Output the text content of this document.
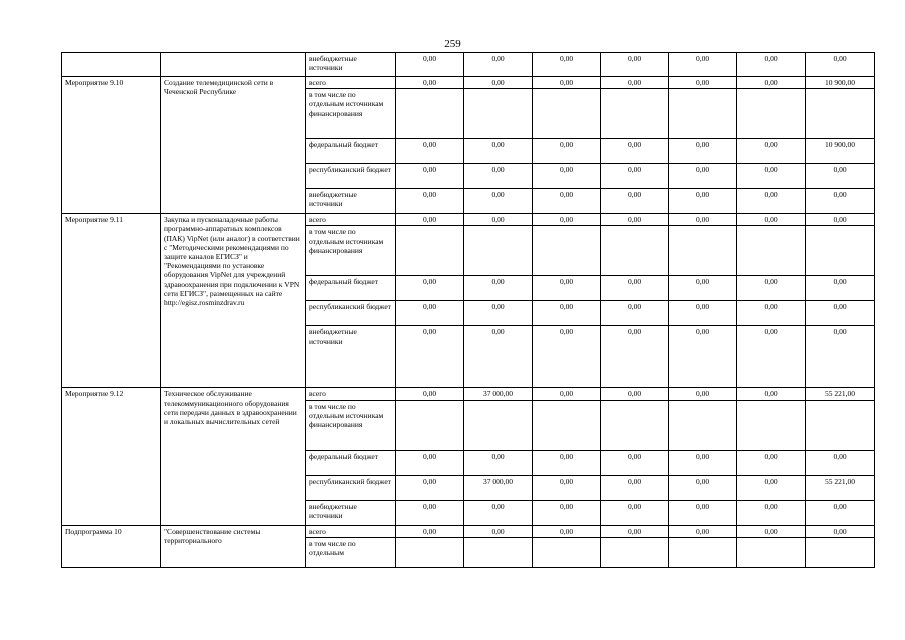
259
		внебюджетные источники	0,00	0,00	0,00	0,00	0,00	0,00	0,00
Мероприятие 9.10	Создание телемедицинской сети в Чеченской Республике	всего	0,00	0,00	0,00	0,00	0,00	0,00	10 900,00
		в том числе по отдельным источникам финансирования							
		федеральный бюджет	0,00	0,00	0,00	0,00	0,00	0,00	10 900,00
		республиканский бюджет	0,00	0,00	0,00	0,00	0,00	0,00	0,00
		внебюджетные источники	0,00	0,00	0,00	0,00	0,00	0,00	0,00
Мероприятие 9.11	Закупка и пусконаладочные работы программно-аппаратных комплексов (ПАК) VipNet (или аналог) в соответствии с "Методическими рекомендациями по защите каналов ЕГИСЗ" и "Рекомендациями по установке оборудования VipNet для учреждений здравоохранения при подключении к VPN сети ЕГИСЗ", размещенных на сайте http://egisz.rosminzdrav.ru	всего	0,00	0,00	0,00	0,00	0,00	0,00	0,00
		в том числе по отдельным источникам финансирования							
		федеральный бюджет	0,00	0,00	0,00	0,00	0,00	0,00	0,00
		республиканский бюджет	0,00	0,00	0,00	0,00	0,00	0,00	0,00
		внебюджетные источники	0,00	0,00	0,00	0,00	0,00	0,00	0,00
Мероприятие 9.12	Техническое обслуживание телекоммуникационного оборудования сети передачи данных в здравоохранении и локальных вычислительных сетей	всего	0,00	37 000,00	0,00	0,00	0,00	0,00	55 221,00
		в том числе по отдельным источникам финансирования							
		федеральный бюджет	0,00	0,00	0,00	0,00	0,00	0,00	0,00
		республиканский бюджет	0,00	37 000,00	0,00	0,00	0,00	0,00	55 221,00
		внебюджетные источники	0,00	0,00	0,00	0,00	0,00	0,00	0,00
Подпрограмма 10	"Совершенствование системы территориального	всего	0,00	0,00	0,00	0,00	0,00	0,00	0,00
		в том числе по отдельным							
